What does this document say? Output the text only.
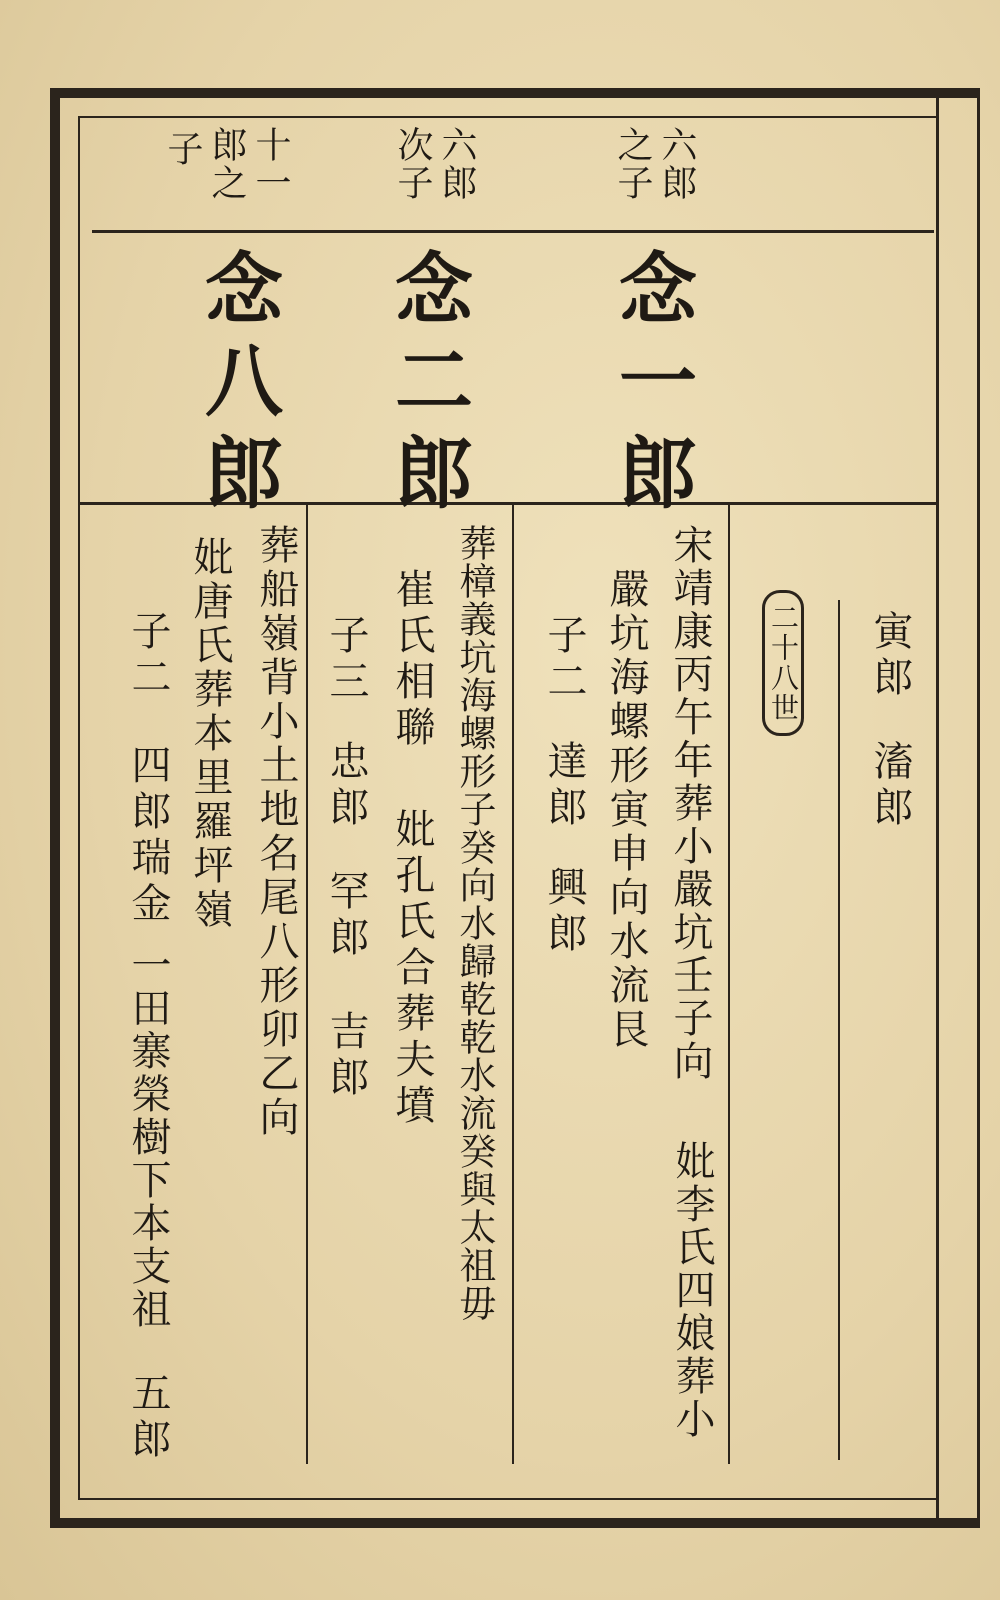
六郎
之子
六郎
次子
十一
郎之
子
念一郎
念二郎
念八郎
二十八世 寅郎
滀郎
宋靖康丙午年葬小嚴坑壬子向
嚴坑海螺形寅申向水流艮
子二
達郎
興郎
妣李氏四娘葬小
葬樟義坑海螺形子癸向水歸乾乾水流癸與太祖毋
崔氏相聯
妣孔氏合葬夫墳
子三
忠郎
罕郎
吉郎
葬船嶺背小土地名尾八形卯乙向
妣唐氏葬本里羅坪嶺
子二
四郎瑞金
一田寨榮樹下本支祖
五郎
